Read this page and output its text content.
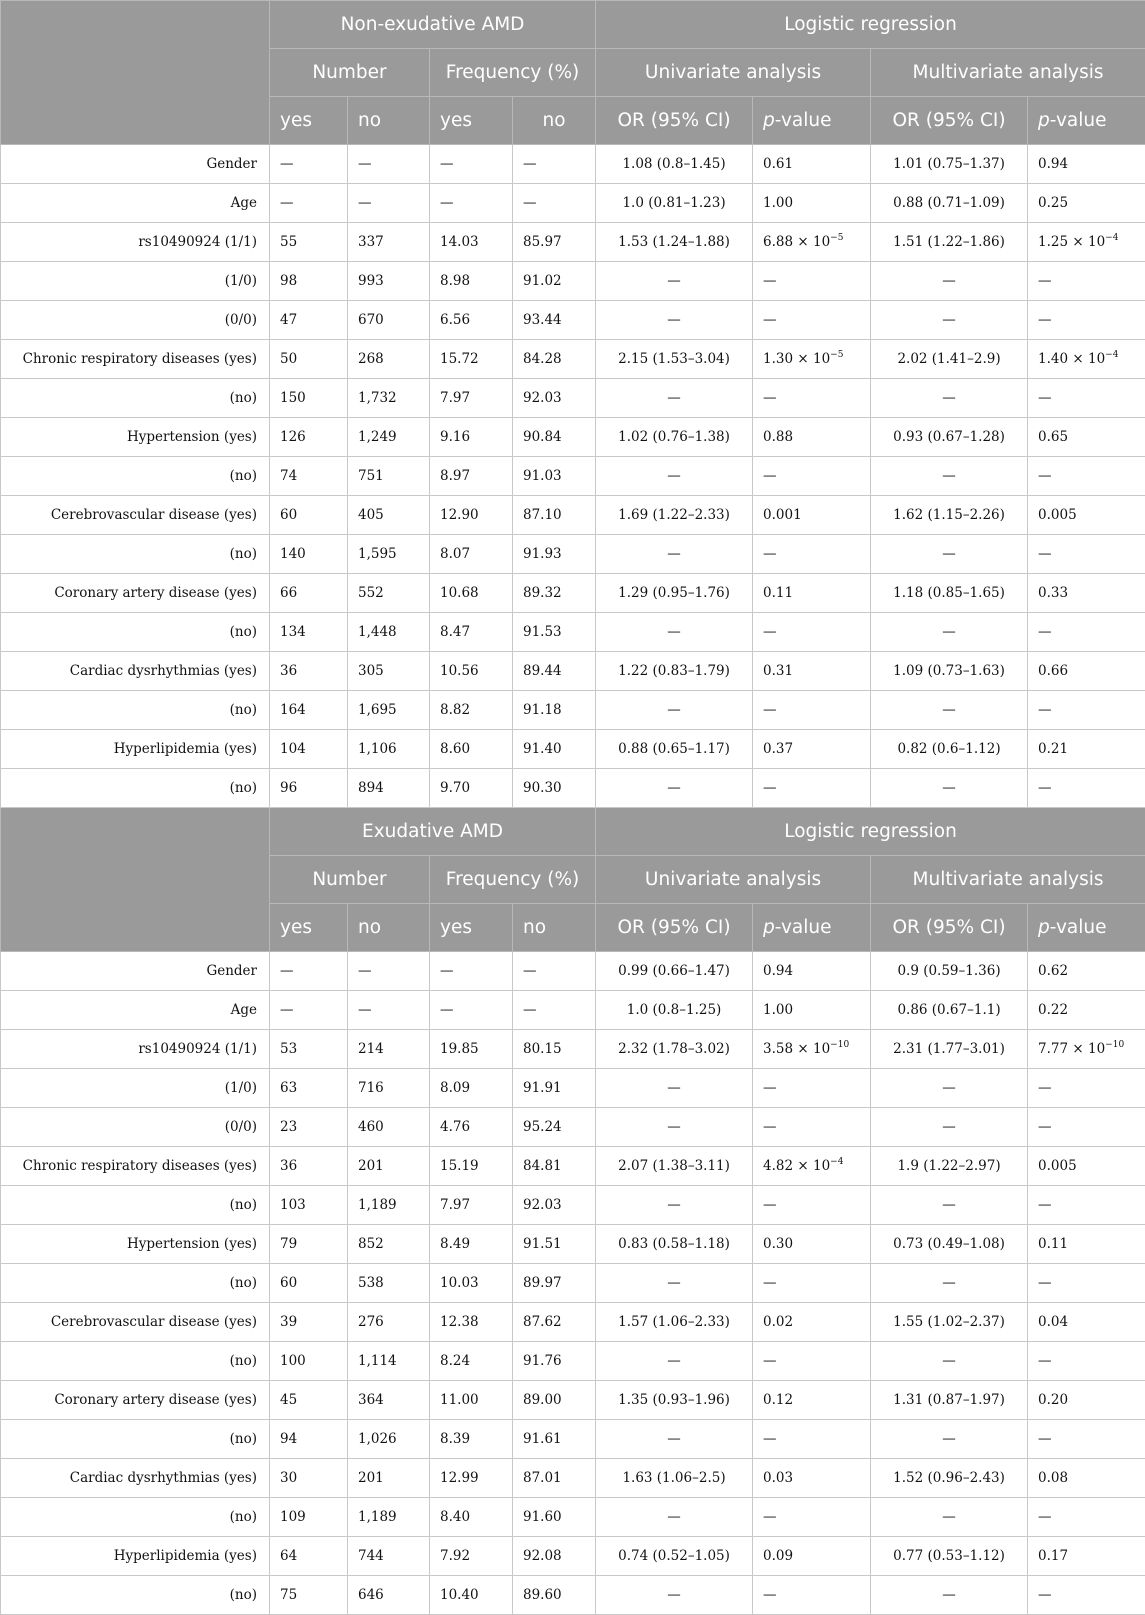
	Non-exudative AMD				Logistic regression			
	Number		Frequency (%)		Univariate analysis		Multivariate analysis	
	yes	no	yes	no	OR (95% CI)	p-value	OR (95% CI)	p-value
Gender	—	—	—	—	1.08 (0.8–1.45)	0.61	1.01 (0.75–1.37)	0.94
Age	—	—	—	—	1.0 (0.81–1.23)	1.00	0.88 (0.71–1.09)	0.25
rs10490924 (1/1)	55	337	14.03	85.97	1.53 (1.24–1.88)	$6.88 \times 10^{-5}$	1.51 (1.22–1.86)	$1.25 \times 10^{-4}$
(1/0)	98	993	8.98	91.02	—	—	—	—
(0/0)	47	670	6.56	93.44	—	—	—	—
Chronic respiratory diseases (yes)	50	268	15.72	84.28	2.15 (1.53–3.04)	$1.30 \times 10^{-5}$	2.02 (1.41–2.9)	$1.40 \times 10^{-4}$
(no)	150	1,732	7.97	92.03	—	—	—	—
Hypertension (yes)	126	1,249	9.16	90.84	1.02 (0.76–1.38)	0.88	0.93 (0.67–1.28)	0.65
(no)	74	751	8.97	91.03	—	—	—	—
Cerebrovascular disease (yes)	60	405	12.90	87.10	1.69 (1.22–2.33)	0.001	1.62 (1.15–2.26)	0.005
(no)	140	1,595	8.07	91.93	—	—	—	—
Coronary artery disease (yes)	66	552	10.68	89.32	1.29 (0.95–1.76)	0.11	1.18 (0.85–1.65)	0.33
(no)	134	1,448	8.47	91.53	—	—	—	—
Cardiac dysrhythmias (yes)	36	305	10.56	89.44	1.22 (0.83–1.79)	0.31	1.09 (0.73–1.63)	0.66
(no)	164	1,695	8.82	91.18	—	—	—	—
Hyperlipidemia (yes)	104	1,106	8.60	91.40	0.88 (0.65–1.17)	0.37	0.82 (0.6–1.12)	0.21
(no)	96	894	9.70	90.30	—	—	—	—
	Exudative AMD				Logistic regression			
	Number		Frequency (%)		Univariate analysis		Multivariate analysis	
	yes	no	yes	no	OR (95% CI)	p-value	OR (95% CI)	p-value
Gender	—	—	—	—	0.99 (0.66–1.47)	0.94	0.9 (0.59–1.36)	0.62
Age	—	—	—	—	1.0 (0.8–1.25)	1.00	0.86 (0.67–1.1)	0.22
rs10490924 (1/1)	53	214	19.85	80.15	2.32 (1.78–3.02)	$3.58 \times 10^{-10}$	2.31 (1.77–3.01)	$7.77 \times 10^{-10}$
(1/0)	63	716	8.09	91.91	—	—	—	—
(0/0)	23	460	4.76	95.24	—	—	—	—
Chronic respiratory diseases (yes)	36	201	15.19	84.81	2.07 (1.38–3.11)	$4.82 \times 10^{-4}$	1.9 (1.22–2.97)	0.005
(no)	103	1,189	7.97	92.03	—	—	—	—
Hypertension (yes)	79	852	8.49	91.51	0.83 (0.58–1.18)	0.30	0.73 (0.49–1.08)	0.11
(no)	60	538	10.03	89.97	—	—	—	—
Cerebrovascular disease (yes)	39	276	12.38	87.62	1.57 (1.06–2.33)	0.02	1.55 (1.02–2.37)	0.04
(no)	100	1,114	8.24	91.76	—	—	—	—
Coronary artery disease (yes)	45	364	11.00	89.00	1.35 (0.93–1.96)	0.12	1.31 (0.87–1.97)	0.20
(no)	94	1,026	8.39	91.61	—	—	—	—
Cardiac dysrhythmias (yes)	30	201	12.99	87.01	1.63 (1.06–2.5)	0.03	1.52 (0.96–2.43)	0.08
(no)	109	1,189	8.40	91.60	—	—	—	—
Hyperlipidemia (yes)	64	744	7.92	92.08	0.74 (0.52–1.05)	0.09	0.77 (0.53–1.12)	0.17
(no)	75	646	10.40	89.60	—	—	—	—
